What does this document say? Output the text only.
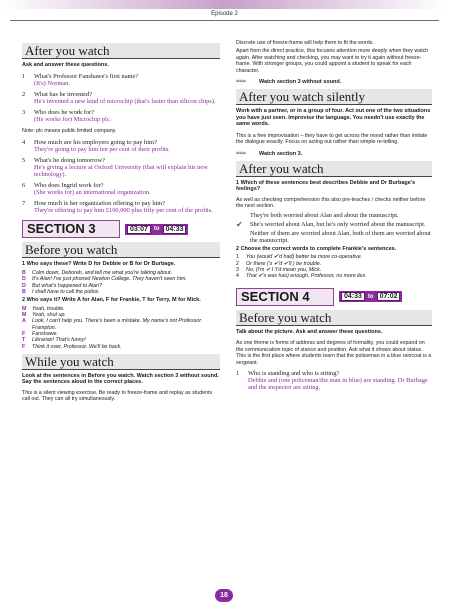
Episode 2
After you watch
Ask and answer these questions.
1	What's Professor Fanshawe's first name?
(It's) Norman.
2	What has he invented?
He's invented a new kind of microchip (that's faster than silicon chips).
3	Who does he work for?
(He works for) Microchip plc.
Note: plc means public limited company.
4	How much are his employers going to pay him?
They're going to pay him ten per cent of their profits.
5	What's he doing tomorrow?
He's giving a lecture at Oxford University (that will explain his new technology).
6	Who does Ingrid work for?
(She works for) an international organization.
7	How much is her organization offering to pay him?
They're offering to pay him £100,000 plus fifty per cent of the profits.
SECTION 3	03:07	to 04:33
Before you watch
1 Who says these? Write D for Debbie or B for Dr Burbage.
B	Calm down, Deborah, and tell me what you're talking about.
D	It's Alan! I've just phoned Newton College. They haven't seen him.
D	But what's happened to Alan?
B	I shall have to call the police.
2 Who says it? Write A for Alan, F for Frankie, T for Terry, M for Mick.
M	Yeah, trouble.
M	Yeah, shut up.
A	Look, I can't help you. There's been a mistake. My name's not Professor Frampton.
F	Fanshawe.
T	Librarian! That's funny!
F	Think it over, Professor. We'll be back.
While you watch
Look at the sentences in Before you watch. Watch section 3 without sound. Say the sentences aloud in the correct places.
This is a silent viewing exercise. Be ready to freeze-frame and replay as students call out. They can all try simultaneously.
Discrete use of freeze-frame will help them to fit the words.
Apart from the direct practice, this focuses attention more deeply when they watch again. After watching and checking, you may want to try it again without freeze-frame. With stronger groups, you could appoint a student to speak for each character.
≈≈≈	Watch section 3 without sound.
After you watch silently
Work with a partner, or in a group of four. Act out one of the two situations you have just seen. Improvise the language. You needn't use exactly the same words.
This is a free improvisation – they have to get across the mood rather than imitate the dialogue exactly. Focus on acting out rather than simple re-telling.
≈≈≈	Watch section 3.
After you watch
1 Which of these sentences best describes Debbie and Dr Burbage's feelings?
As well as checking comprehension this also pre-teaches / checks neither before the next section.
They're both worried about Alan and about the manuscript.
✔	She's worried about Alan, but he's only worried about the manuscript.
Neither of them are worried about Alan, both of them are worried about the manuscript.
2 Choose the correct words to complete Frankie's sentences.
1	You (would ✔'d had) better be more co-operative.
2	Or there ('s ✔'d ✔'ll ) be trouble.
3	No, (I'm ✔ I 'I'd mean you, Mick.
4	That ✔'s was has) enough, Professor, no more lies.
SECTION 4	04:33	to 07:02
Before you watch
Talk about the picture. Ask and answer these questions.
As one theme is forms of address and degrees of formality, you could expand on the communication topic of stance and position. Ask what it shows about status. This is the first place where students learn that the policeman in a blue raincoat is a sergeant.
1	Who is standing and who is sitting?
Debbie and (one policeman/the man in blue) are standing. Dr Burbage and the inspector are sitting.
18
